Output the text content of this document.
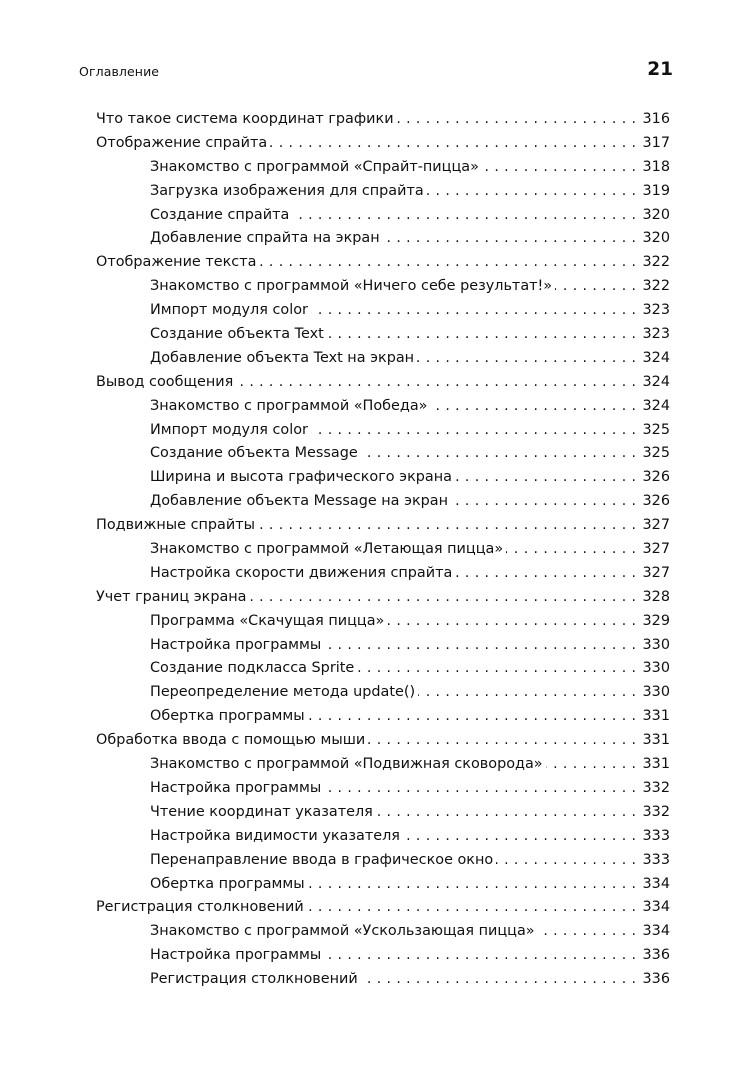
Оглавление	21
Что такое система координат графики . . .	316
Отображение спрайта . . .	317
Знакомство с программой «Спрайт-пицца» . . .	318
Загрузка изображения для спрайта . . .	319
Создание спрайта . . .	320
Добавление спрайта на экран . . .	320
Отображение текста . . .	322
Знакомство с программой «Ничего себе результат!» . . .	322
Импорт модуля color . . .	323
Создание объекта Text . . .	323
Добавление объекта Text на экран . . .	324
Вывод сообщения . . .	324
Знакомство с программой «Победа» . . .	324
Импорт модуля color . . .	325
Создание объекта Message . . .	325
Ширина и высота графического экрана . . .	326
Добавление объекта Message на экран . . .	326
Подвижные спрайты . . .	327
Знакомство с программой «Летающая пицца» . . .	327
Настройка скорости движения спрайта . . .	327
Учет границ экрана . . .	328
Программа «Скачущая пицца» . . .	329
Настройка программы . . .	330
Создание подкласса Sprite . . .	330
Переопределение метода update() . . .	330
Обертка программы . . .	331
Обработка ввода с помощью мыши . . .	331
Знакомство с программой «Подвижная сковорода» . . .	331
Настройка программы . . .	332
Чтение координат указателя . . .	332
Настройка видимости указателя . . .	333
Перенаправление ввода в графическое окно . . .	333
Обертка программы . . .	334
Регистрация столкновений . . .	334
Знакомство с программой «Ускользающая пицца» . . .	334
Настройка программы . . .	336
Регистрация столкновений . . .	336
